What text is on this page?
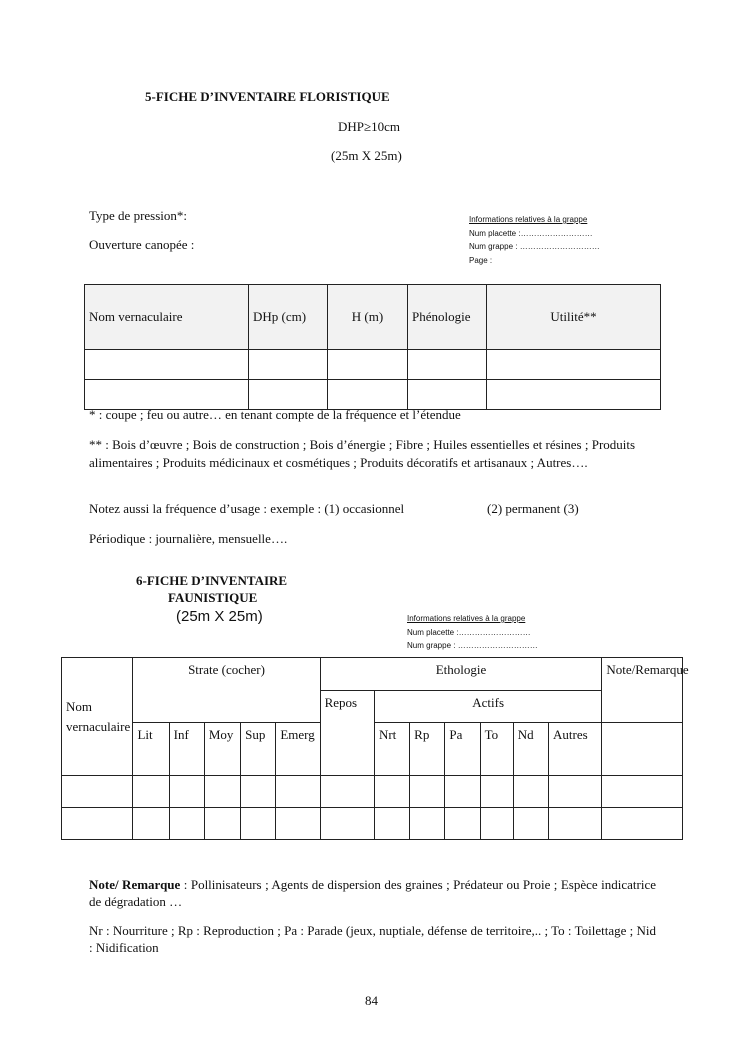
5-FICHE D’INVENTAIRE FLORISTIQUE
DHP≥10cm
(25m X 25m)
Type de pression*:
Ouverture canopée :
Informations relatives à la grappe
Num placette :………………………
Num grappe : …………………………
Page :
Nom vernaculaire	DHp (cm)	H (m)	Phénologie	Utilité**

* : coupe ; feu ou autre… en tenant compte de la fréquence et l’étendue
** : Bois d’œuvre ; Bois de construction ; Bois d’énergie ; Fibre ; Huiles essentielles et résines ; Produits alimentaires ; Produits médicinaux et cosmétiques ; Produits décoratifs et artisanaux ; Autres….
Notez aussi la fréquence d’usage : exemple : (1) occasionnel	(2) permanent (3)
Périodique : journalière, mensuelle….
6-FICHE D’INVENTAIRE
FAUNISTIQUE
(25m X 25m)	Informations relatives à la grappe
Num placette :………………………
Num grappe : …………………………
Nom vernaculaire	Strate (cocher)					Ethologie							Note/Remarque
						Repos	Actifs						
	Lit	Inf	Moy	Sup	Emerg		Nrt	Rp	Pa	To	Nd	Autres	

Note/ Remarque : Pollinisateurs ; Agents de dispersion des graines ; Prédateur ou Proie ; Espèce indicatrice de dégradation …
Nr : Nourriture ; Rp : Reproduction ; Pa : Parade (jeux, nuptiale, défense de territoire,.. ; To : Toilettage ; Nid : Nidification
84
